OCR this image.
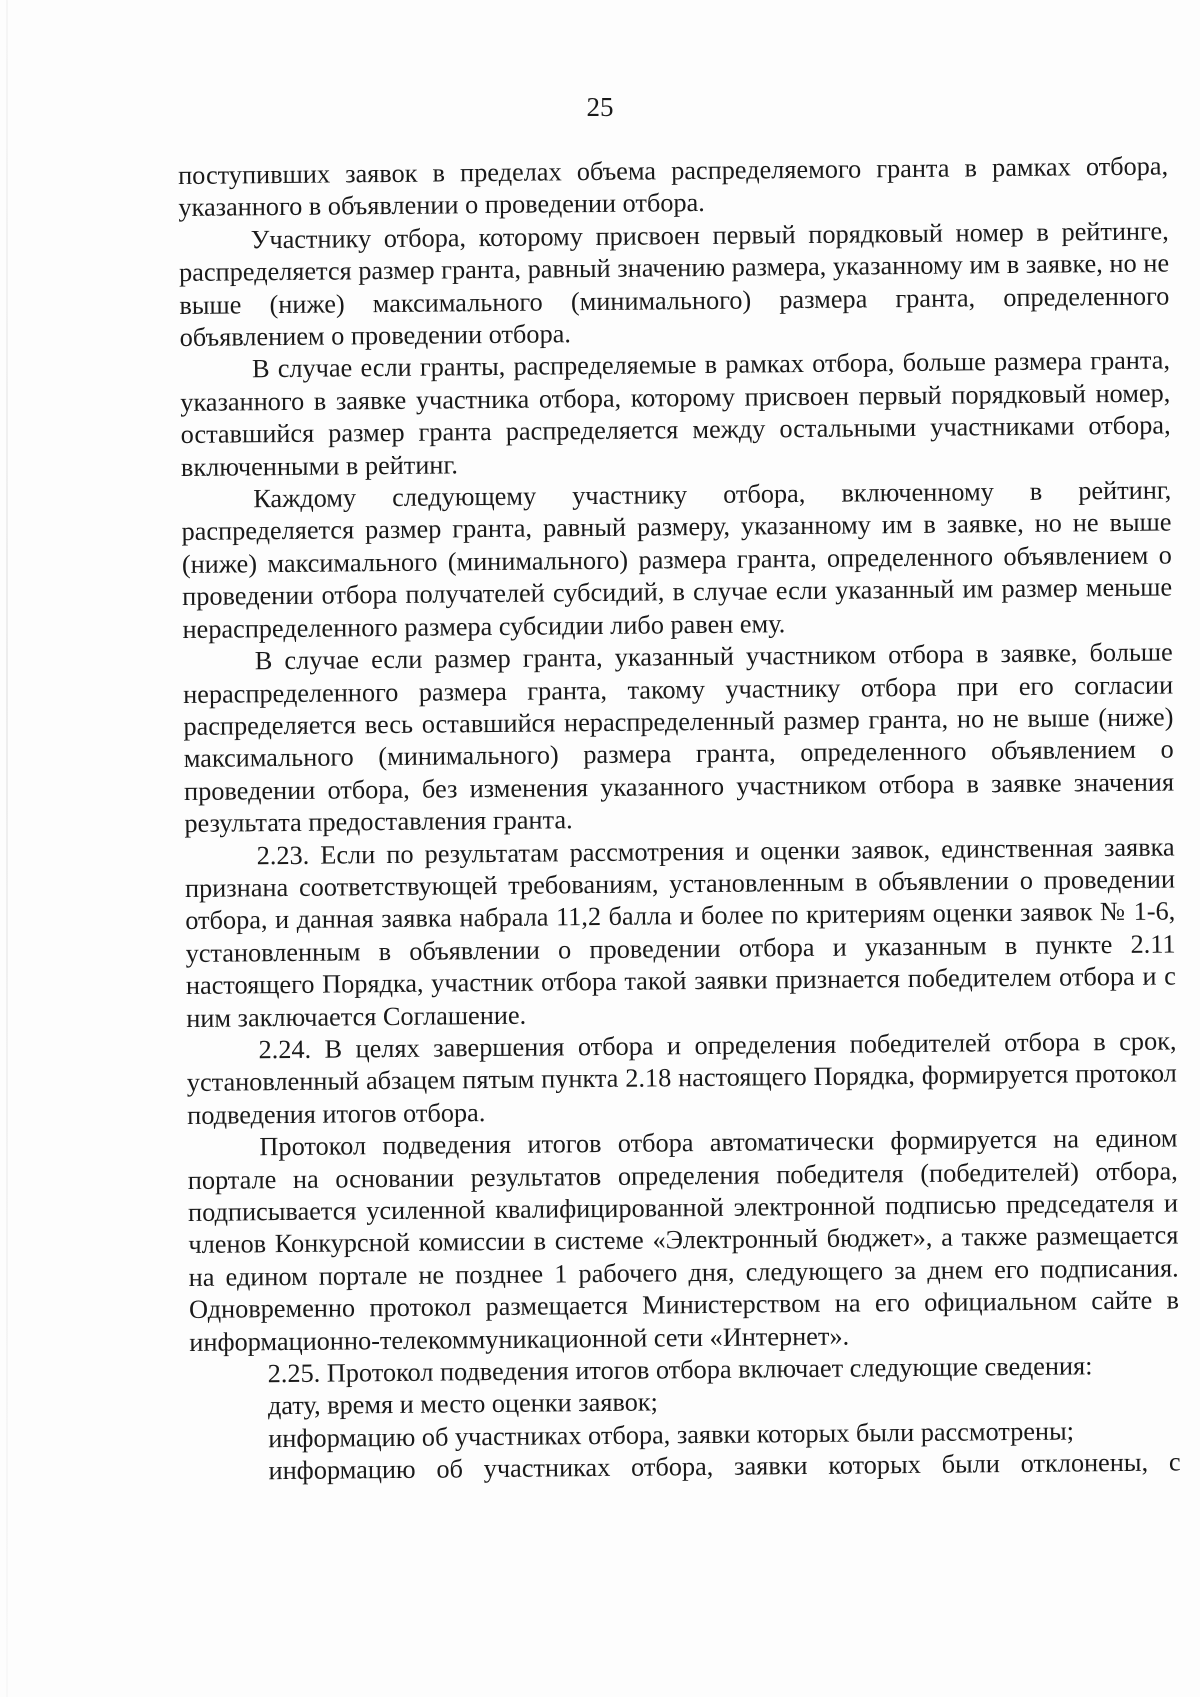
25

поступивших заявок в пределах объема распределяемого гранта в рамках отбора, указанного в объявлении о проведении отбора.

Участнику отбора, которому присвоен первый порядковый номер в рейтинге, распределяется размер гранта, равный значению размера, указанному им в заявке, но не выше (ниже) максимального (минимального) размера гранта, определенного объявлением о проведении отбора.

В случае если гранты, распределяемые в рамках отбора, больше размера гранта, указанного в заявке участника отбора, которому присвоен первый порядковый номер, оставшийся размер гранта распределяется между остальными участниками отбора, включенными в рейтинг.

Каждому следующему участнику отбора, включенному в рейтинг, распределяется размер гранта, равный размеру, указанному им в заявке, но не выше (ниже) максимального (минимального) размера гранта, определенного объявлением о проведении отбора получателей субсидий, в случае если указанный им размер меньше нераспределенного размера субсидии либо равен ему.

В случае если размер гранта, указанный участником отбора в заявке, больше нераспределенного размера гранта, такому участнику отбора при его согласии распределяется весь оставшийся нераспределенный размер гранта, но не выше (ниже) максимального (минимального) размера гранта, определенного объявлением о проведении отбора, без изменения указанного участником отбора в заявке значения результата предоставления гранта.

2.23. Если по результатам рассмотрения и оценки заявок, единственная заявка признана соответствующей требованиям, установленным в объявлении о проведении отбора, и данная заявка набрала 11,2 балла и более по критериям оценки заявок № 1-6, установленным в объявлении о проведении отбора и указанным в пункте 2.11 настоящего Порядка, участник отбора такой заявки признается победителем отбора и с ним заключается Соглашение.

2.24. В целях завершения отбора и определения победителей отбора в срок, установленный абзацем пятым пункта 2.18 настоящего Порядка, формируется протокол подведения итогов отбора.

Протокол подведения итогов отбора автоматически формируется на едином портале на основании результатов определения победителя (победителей) отбора, подписывается усиленной квалифицированной электронной подписью председателя и членов Конкурсной комиссии в системе «Электронный бюджет», а также размещается на едином портале не позднее 1 рабочего дня, следующего за днем его подписания. Одновременно протокол размещается Министерством на его официальном сайте в информационно-телекоммуникационной сети «Интернет».

2.25. Протокол подведения итогов отбора включает следующие сведения:

дату, время и место оценки заявок;

информацию об участниках отбора, заявки которых были рассмотрены;

информацию об участниках отбора, заявки которых были отклонены, с
